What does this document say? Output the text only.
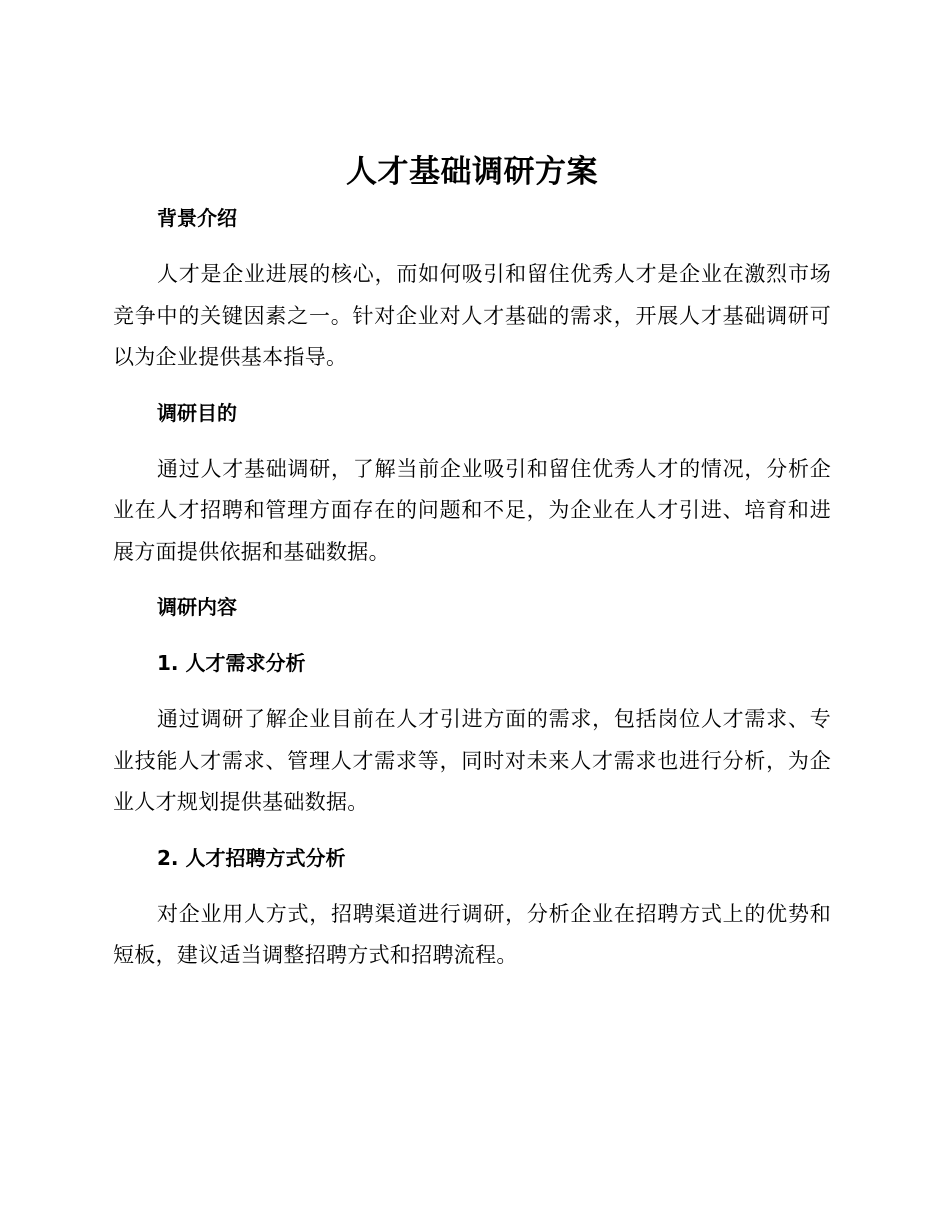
人才基础调研方案
背景介绍

人才是企业进展的核心，而如何吸引和留住优秀人才是企业在激烈市场竞争中的关键因素之一。针对企业对人才基础的需求，开展人才基础调研可以为企业提供基本指导。

调研目的

通过人才基础调研，了解当前企业吸引和留住优秀人才的情况，分析企业在人才招聘和管理方面存在的问题和不足，为企业在人才引进、培育和进展方面提供依据和基础数据。

调研内容
1. 人才需求分析

通过调研了解企业目前在人才引进方面的需求，包括岗位人才需求、专业技能人才需求、管理人才需求等，同时对未来人才需求也进行分析，为企业人才规划提供基础数据。

2. 人才招聘方式分析

对企业用人方式，招聘渠道进行调研，分析企业在招聘方式上的优势和短板，建议适当调整招聘方式和招聘流程。
